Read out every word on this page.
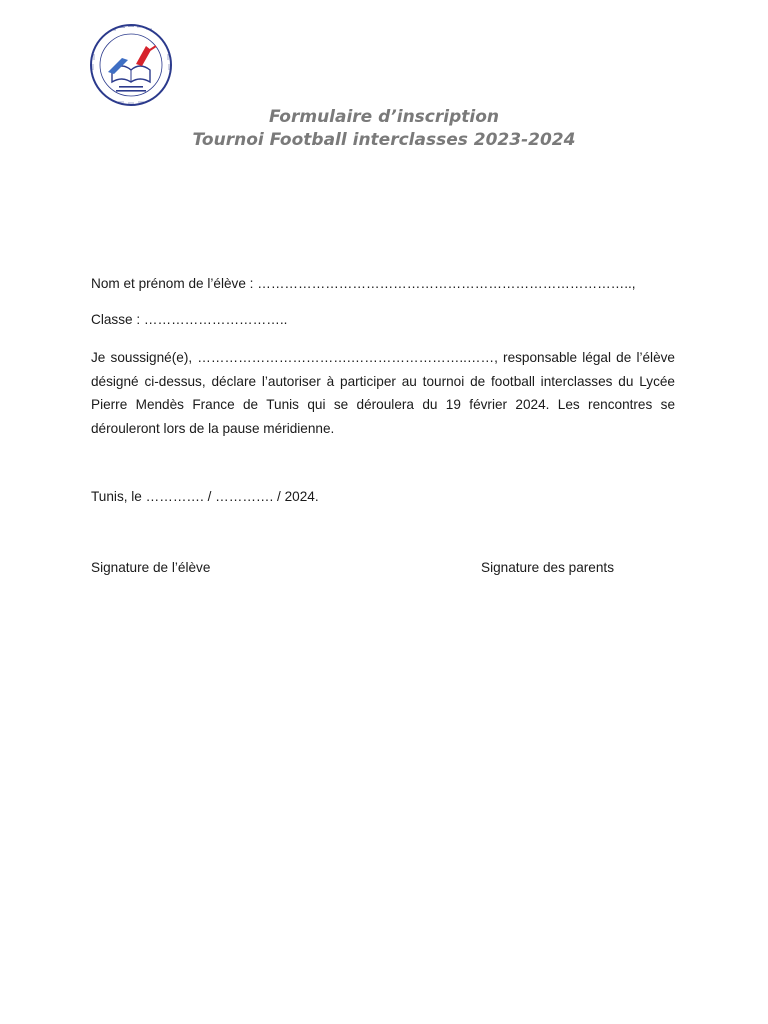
Formulaire d’inscription
Tournoi Football interclasses 2023-2024
Nom et prénom de l’élève : ………………………………………………………………………..,
Classe : …………………………..
Je soussigné(e), …………………………….……………………..……, responsable légal de l’élève désigné ci-dessus, déclare l’autoriser à participer au tournoi de football interclasses du Lycée Pierre Mendès France de Tunis qui se déroulera du 19 février 2024. Les rencontres se dérouleront lors de la pause méridienne.
Tunis, le …………. / …………. / 2024.
Signature de l’élève	Signature des parents
